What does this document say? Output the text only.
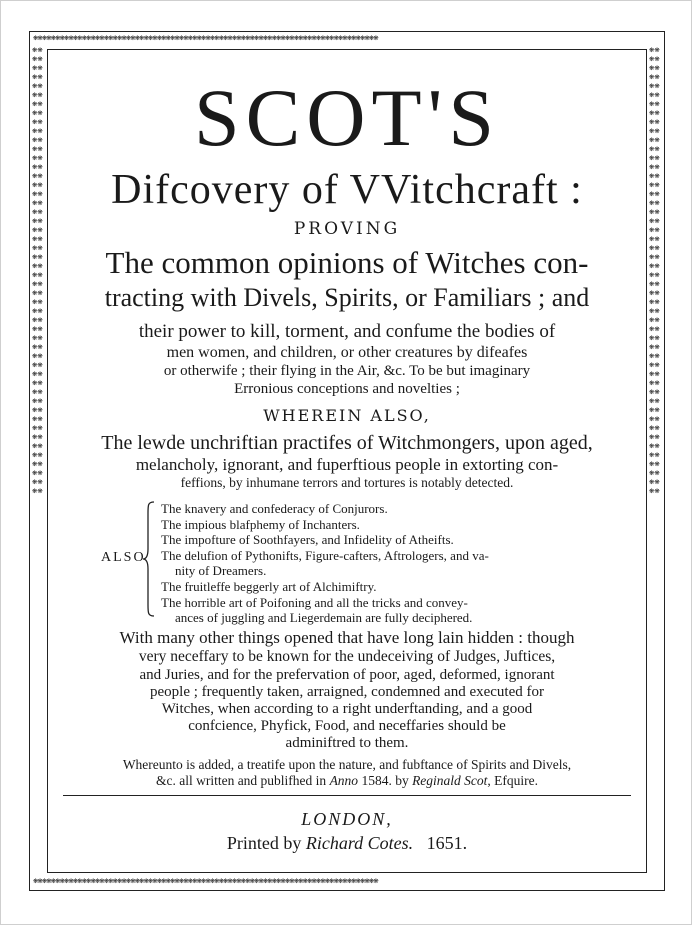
❋❋❋❋❋❋❋❋❋❋❋❋❋❋❋❋❋❋❋❋❋❋❋❋❋❋❋❋❋❋❋❋❋❋❋❋❋❋❋❋❋❋❋❋❋❋❋❋❋❋❋❋❋❋❋❋❋❋❋❋❋❋❋❋❋❋❋❋❋❋❋❋❋❋❋❋❋❋
❋❋❋❋❋❋❋❋❋❋❋❋❋❋❋❋❋❋❋❋❋❋❋❋❋❋❋❋❋❋❋❋❋❋❋❋❋❋❋❋❋❋❋❋❋❋❋❋❋❋❋❋❋❋❋❋❋❋❋❋❋❋❋❋❋❋❋❋❋❋❋❋❋❋❋❋❋❋
❋❋❋❋❋❋❋❋❋❋❋❋❋❋❋❋❋❋❋❋❋❋❋❋❋❋❋❋❋❋❋❋❋❋❋❋❋❋❋❋❋❋❋❋❋❋❋❋❋❋❋❋❋❋❋❋❋❋❋❋❋❋❋❋❋❋❋❋❋❋❋❋❋❋❋❋❋❋❋❋❋❋❋❋❋❋❋❋❋❋❋❋❋❋❋❋❋❋❋❋
❋❋❋❋❋❋❋❋❋❋❋❋❋❋❋❋❋❋❋❋❋❋❋❋❋❋❋❋❋❋❋❋❋❋❋❋❋❋❋❋❋❋❋❋❋❋❋❋❋❋❋❋❋❋❋❋❋❋❋❋❋❋❋❋❋❋❋❋❋❋❋❋❋❋❋❋❋❋❋❋❋❋❋❋❋❋❋❋❋❋❋❋❋❋❋❋❋❋❋❋
SCOT'S
Difcovery of VVitchcraft :
PROVING
The common opinions of Witches con-
tracting with Divels, Spirits, or Familiars ; and
their power to kill, torment, and confume the bodies of
men women, and children, or other creatures by difeafes
or otherwife ; their flying in the Air, &c. To be but imaginary
Erronious conceptions and novelties ;
WHEREIN ALSO,
The lewde unchriftian practifes of Witchmongers, upon aged,
melancholy, ignorant, and fuperftious people in extorting con-
feffions, by inhumane terrors and tortures is notably detected.
ALSO
The knavery and confederacy of Conjurors.
The impious blafphemy of Inchanters.
The impofture of Soothfayers, and Infidelity of Atheifts.
The delufion of Pythonifts, Figure-cafters, Aftrologers, and va-
nity of Dreamers.
The fruitleffe beggerly art of Alchimiftry.
The horrible art of Poifoning and all the tricks and convey-
ances of juggling and Liegerdemain are fully deciphered.
With many other things opened that have long lain hidden : though
very neceffary to be known for the undeceiving of Judges, Juftices,
and Juries, and for the prefervation of poor, aged, deformed, ignorant
people ; frequently taken, arraigned, condemned and executed for
Witches, when according to a right underftanding, and a good
confcience, Phyfick, Food, and neceffaries should be
adminiftred to them.
Whereunto is added, a treatife upon the nature, and fubftance of Spirits and Divels,
&c. all written and publifhed in Anno 1584. by Reginald Scot, Efquire.
LONDON,
Printed by Richard Cotes. 1651.
